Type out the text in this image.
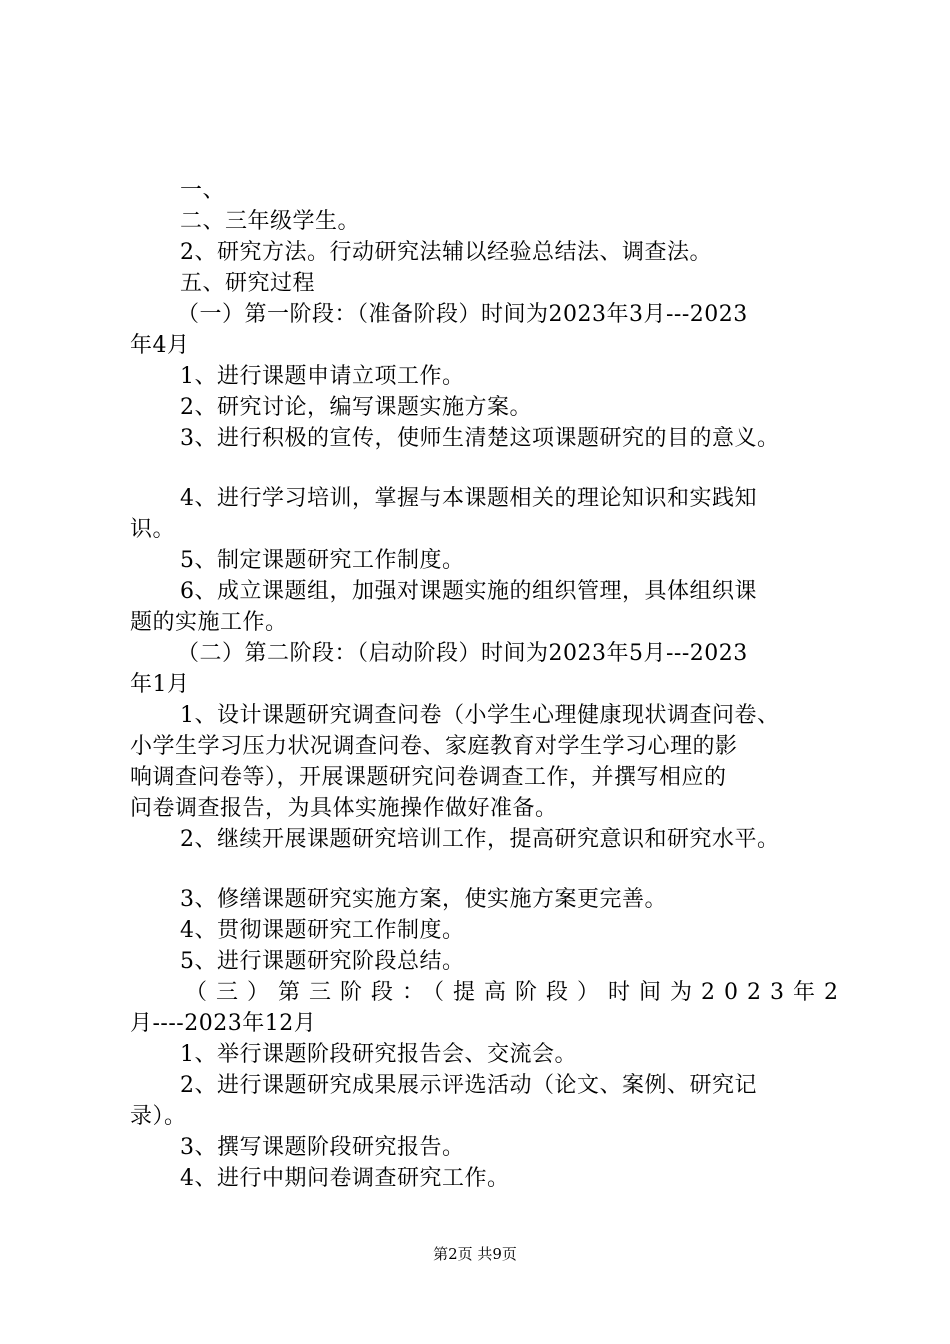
一、
二、三年级学生。
2、研究方法。行动研究法辅以经验总结法、调查法。
五、研究过程
（一）第一阶段：（准备阶段）时间为2023年3月---2023
年4月
1、进行课题申请立项工作。
2、研究讨论，编写课题实施方案。
3、进行积极的宣传，使师生清楚这项课题研究的目的意义。
4、进行学习培训，掌握与本课题相关的理论知识和实践知
识。
5、制定课题研究工作制度。
6、成立课题组，加强对课题实施的组织管理，具体组织课
题的实施工作。
（二）第二阶段：（启动阶段）时间为2023年5月---2023
年1月
1、设计课题研究调查问卷（小学生心理健康现状调查问卷、
小学生学习压力状况调查问卷、家庭教育对学生学习心理的影
响调查问卷等），开展课题研究问卷调查工作，并撰写相应的
问卷调查报告，为具体实施操作做好准备。
2、继续开展课题研究培训工作，提高研究意识和研究水平。
3、修缮课题研究实施方案，使实施方案更完善。
4、贯彻课题研究工作制度。
5、进行课题研究阶段总结。
（三）第三阶段：（提高阶段）时间为2023年2
月----2023年12月
1、举行课题阶段研究报告会、交流会。
2、进行课题研究成果展示评选活动（论文、案例、研究记
录）。
3、撰写课题阶段研究报告。
4、进行中期问卷调查研究工作。
第2页 共9页
